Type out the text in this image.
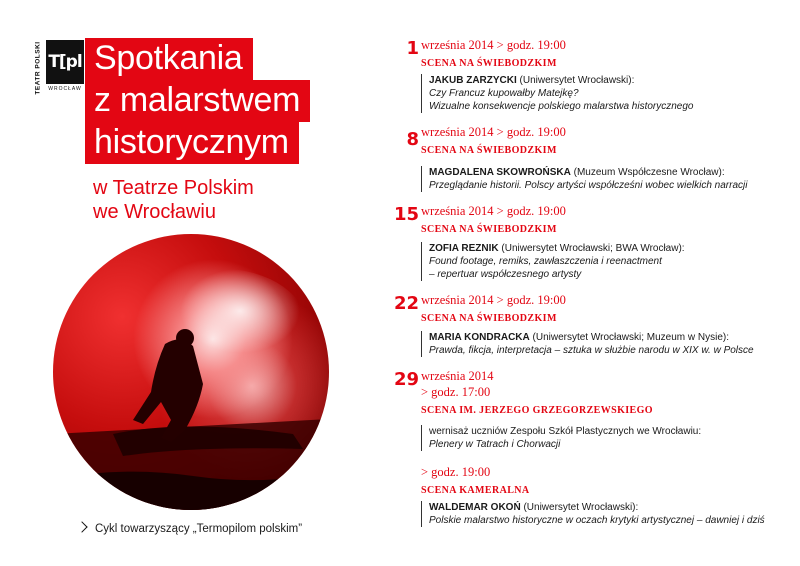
TEATR POLSKI T[pl
WROCŁAW
Spotkania
z malarstwem
historycznym
w Teatrze Polskim
we Wrocławiu
Cykl towarzyszący „Termopilom polskim”
1 września 2014 > godz. 19:00
SCENA NA ŚWIEBODZKIM
JAKUB ZARZYCKI (Uniwersytet Wrocławski):
Czy Francuz kupowałby Matejkę?
Wizualne konsekwencje polskiego malarstwa historycznego
8 września 2014 > godz. 19:00
SCENA NA ŚWIEBODZKIM
MAGDALENA SKOWROŃSKA (Muzeum Współczesne Wrocław):
Przeglądanie historii. Polscy artyści współcześni wobec wielkich narracji
15 września 2014 > godz. 19:00
SCENA NA ŚWIEBODZKIM
ZOFIA REZNIK (Uniwersytet Wrocławski; BWA Wrocław):
Found footage, remiks, zawłaszczenia i reenactment
– repertuar współczesnego artysty
22 września 2014 > godz. 19:00
SCENA NA ŚWIEBODZKIM
MARIA KONDRACKA (Uniwersytet Wrocławski; Muzeum w Nysie):
Prawda, fikcja, interpretacja – sztuka w służbie narodu w XIX w. w Polsce
29 września 2014
> godz. 17:00
SCENA IM. JERZEGO GRZEGORZEWSKIEGO
wernisaż uczniów Zespołu Szkół Plastycznych we Wrocławiu:
Plenery w Tatrach i Chorwacji
> godz. 19:00
SCENA KAMERALNA
WALDEMAR OKOŃ (Uniwersytet Wrocławski):
Polskie malarstwo historyczne w oczach krytyki artystycznej – dawniej i dziś
